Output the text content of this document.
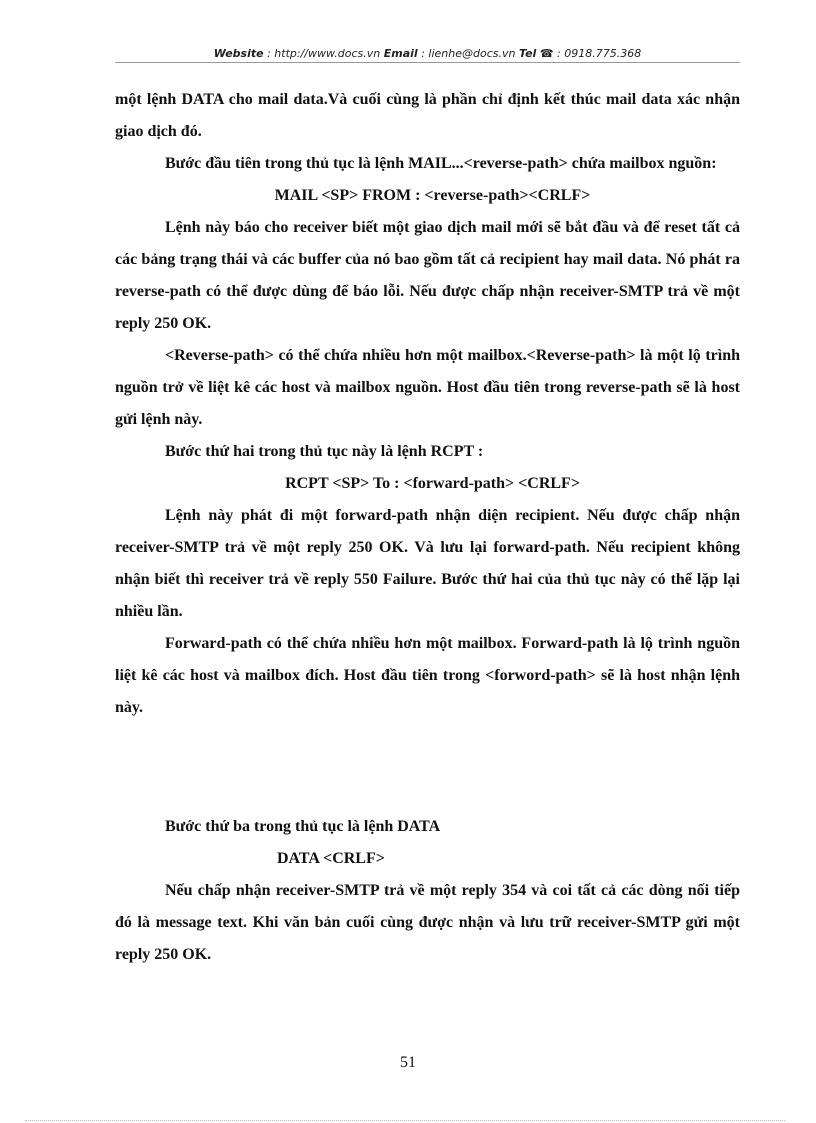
Website : http://www.docs.vn Email : lienhe@docs.vn Tel ☎ : 0918.775.368

một lệnh DATA cho mail data.Và cuối cùng là phần chỉ định kết thúc mail data xác nhận giao dịch đó.

Bước đầu tiên trong thủ tục là lệnh MAIL...<reverse-path> chứa mailbox nguồn:

MAIL <SP> FROM : <reverse-path><CRLF>

Lệnh này báo cho receiver biết một giao dịch mail mới sẽ bắt đầu và để reset tất cả các bảng trạng thái và các buffer của nó bao gồm tất cả recipient hay mail data. Nó phát ra reverse-path có thể được dùng để báo lỗi. Nếu được chấp nhận receiver-SMTP trả về một reply 250 OK.

<Reverse-path> có thể chứa nhiều hơn một mailbox.<Reverse-path> là một lộ trình nguồn trở về liệt kê các host và mailbox nguồn. Host đầu tiên trong reverse-path sẽ là host gửi lệnh này.

Bước thứ hai trong thủ tục này là lệnh RCPT :

RCPT <SP> To : <forward-path> <CRLF>

Lệnh này phát đi một forward-path nhận diện recipient. Nếu được chấp nhận receiver-SMTP trả về một reply 250 OK. Và lưu lại forward-path. Nếu recipient không nhận biết thì receiver trả về reply 550 Failure. Bước thứ hai của thủ tục này có thể lặp lại nhiều lần.

Forward-path có thể chứa nhiều hơn một mailbox. Forward-path là lộ trình nguồn liệt kê các host và mailbox đích. Host đầu tiên trong <forword-path> sẽ là host nhận lệnh này.

Bước thứ ba trong thủ tục là lệnh DATA

DATA <CRLF>

Nếu chấp nhận receiver-SMTP trả về một reply 354 và coi tất cả các dòng nối tiếp đó là message text. Khi văn bản cuối cùng được nhận và lưu trữ receiver-SMTP gửi một reply 250 OK.

51
